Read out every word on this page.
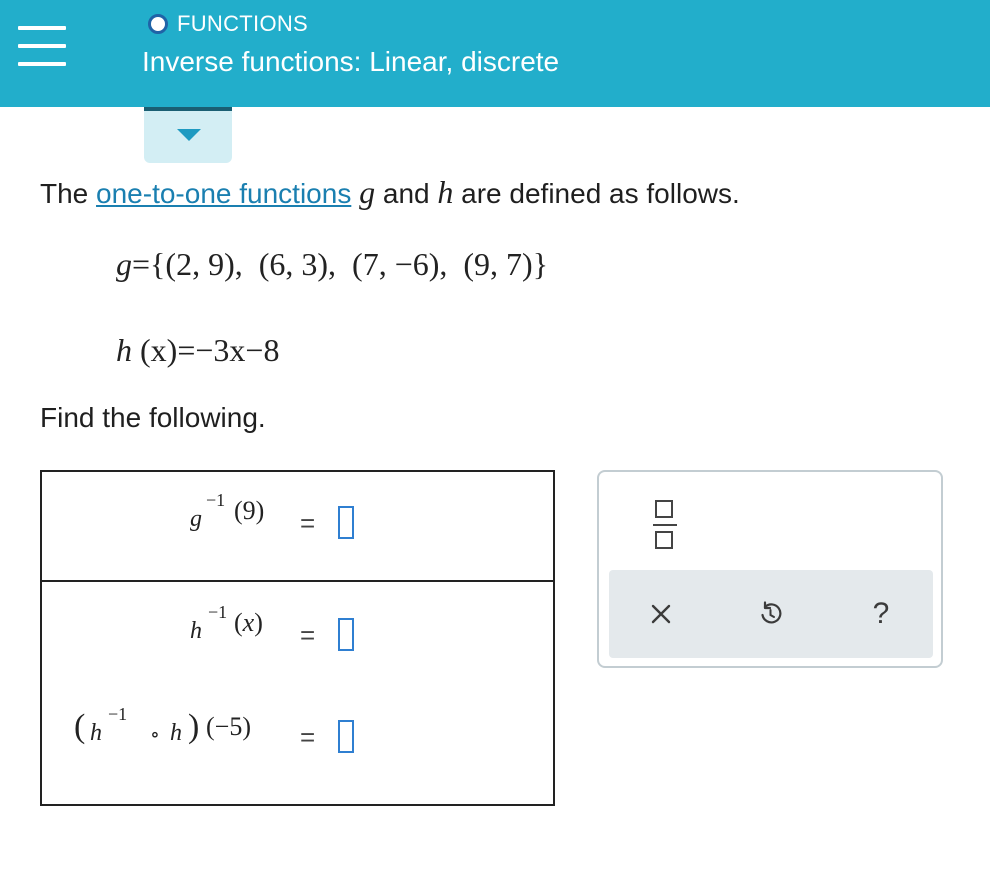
FUNCTIONS
Inverse functions: Linear, discrete
The one-to-one functions g and h are defined as follows.
g={(2, 9),  (6, 3),  (7, −6),  (9, 7)}
h (x)=−3x−8
Find the following.
g
−1 (9) =
h
−1 (x) =
( h
−1
∘ h ) (−5) =
?
